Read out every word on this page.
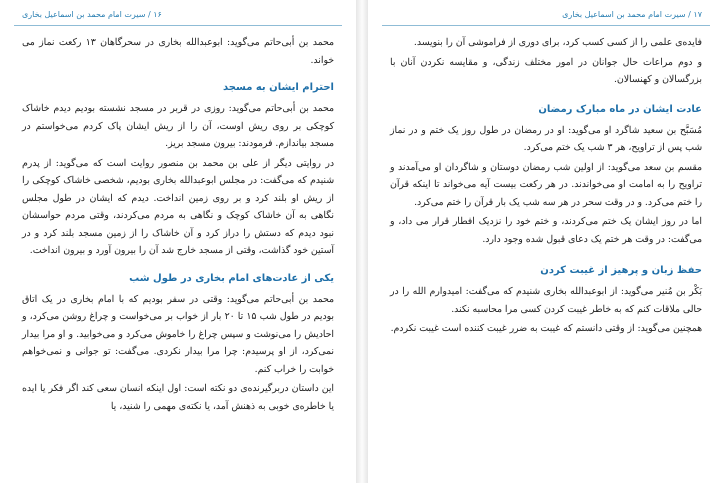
۱۶ / سیرت امام محمد بن اسماعیل بخاری

محمد بن أبی‌حاتم می‌گوید: ابوعبدالله بخاری در سحرگاهان ۱۳ رکعت نماز می خواند.

احترام ایشان به مسجد

محمد بن أبی‌حاتم می‌گوید: روزی در قربر در مسجد نشسته بودیم دیدم خاشاک کوچکی بر روی ریش اوست، آن را از ریش ایشان پاک کردم می‌خواستم در مسجد بیاندازم. فرمودند: بیرون مسجد بریز.

در روایتی دیگر از علی بن محمد بن منصور روایت است که می‌گوید: از پدرم شنیدم که می‌گفت: در مجلس ابوعبدالله بخاری بودیم، شخصی خاشاک کوچکی را از ریش او بلند کرد و بر روی زمین انداخت. دیدم که ایشان در طول مجلس نگاهی به آن خاشاک کوچک و نگاهی به مردم می‌کردند، وقتی مردم حواسشان نبود دیدم که دستش را دراز کرد و آن خاشاک را از زمین مسجد بلند کرد و در آستین خود گذاشت، وقتی از مسجد خارج شد آن را بیرون آورد و بیرون انداخت.

یکی از عادت‌های امام بخاری در طول شب

محمد بن أبی‌حاتم می‌گوید: وقتی در سفر بودیم که با امام بخاری در یک اتاق بودیم در طول شب ۱۵ تا ۲۰ بار از خواب بر می‌خواست و چراغ روشن می‌کرد، و احادیش را می‌نوشت و سپس چراغ را خاموش می‌کرد و می‌خوابید. و او مرا بیدار نمی‌کرد، از او پرسیدم: چرا مرا بیدار نکردی. می‌گفت: تو جوانی و نمی‌خواهم خوابت را خراب کنم.

این داستان دربرگیرنده‌ی دو نکته است: اول اینکه انسان سعی کند اگر فکر یا ایده یا خاطره‌ی خوبی به ذهنش آمد، یا نکته‌ی مهمی را شنید، یا

۱۷ / سیرت امام محمد بن اسماعیل بخاری

فایده‌ی علمی را از کسی کسب کرد، برای دوری از فراموشی آن را بنویسد.

و دوم مراعات حال جوانان در امور مختلف زندگی، و مقایسه نکردن آنان با بزرگسالان و کهنسالان.

عادت ایشان در ماه مبارک رمضان

مُسَبَّح بن سعید شاگرد او می‌گوید: او در رمضان در طول روز یک ختم و در نماز شب پس از تراویح، هر ۳ شب یک ختم می‌کرد.

مقسم بن سعد می‌گوید: از اولین شب رمضان دوستان و شاگردان او می‌آمدند و تراویح را به امامت او می‌خواندند. در هر رکعت بیست آیه می‌خواند تا اینکه قرآن را ختم می‌کرد. و در وقت سحر در هر سه شب یک بار قرآن را ختم می‌کرد.

اما در روز ایشان یک ختم می‌کردند، و ختم خود را نزدیک افطار قرار می داد، و می‌گفت: در وقت هر ختم یک دعای قبول شده وجود دارد.

حفظ زبان و پرهیز از غیبت کردن

بَکْر بن مُنیر می‌گوید: از ابوعبدالله بخاری شنیدم که می‌گفت: امیدوارم الله را در حالی ملاقات کنم که به خاطر غیبت کردن کسی مرا محاسبه نکند.

همچنین می‌گوید: از وقتی دانستم که غیبت به ضرر غیبت کننده است غیبت نکردم.
